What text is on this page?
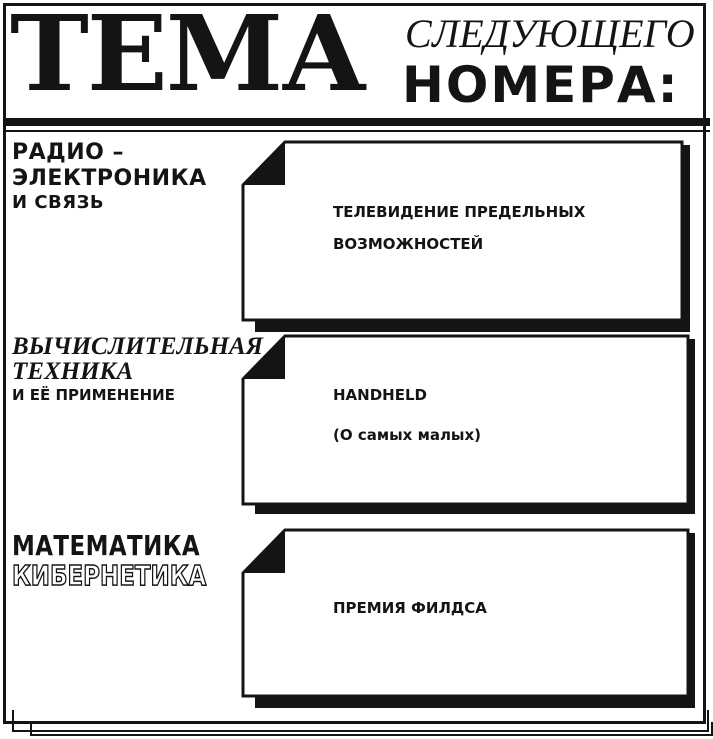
ТЕМА СЛЕДУЮЩЕГО
НОМЕРА:
РАДИО –
ЭЛЕКТРОНИКА
И СВЯЗЬ	ТЕЛЕВИДЕНИЕ ПРЕДЕЛЬНЫХ
ВОЗМОЖНОСТЕЙ
ВЫЧИСЛИТЕЛЬНАЯ
ТЕХНИКА
И ЕЁ ПРИМЕНЕНИЕ	HANDHELD
(О самых малых)
МАТЕМАТИКА
КИБЕРНЕТИКА
ПРЕМИЯ ФИЛДСА
